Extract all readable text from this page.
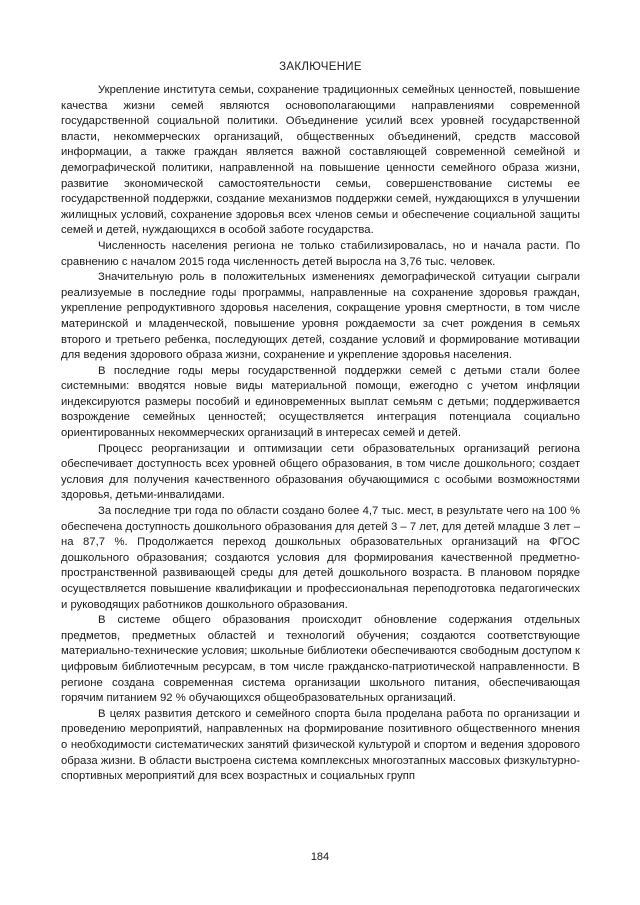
ЗАКЛЮЧЕНИЕ

Укрепление института семьи, сохранение традиционных семейных ценностей, повышение качества жизни семей являются основополагающими направлениями современной государственной социальной политики. Объединение усилий всех уровней государственной власти, некоммерческих организаций, общественных объединений, средств массовой информации, а также граждан является важной составляющей современной семейной и демографической политики, направленной на повышение ценности семейного образа жизни, развитие экономической самостоятельности семьи, совершенствование системы ее государственной поддержки, создание механизмов поддержки семей, нуждающихся в улучшении жилищных условий, сохранение здоровья всех членов семьи и обеспечение социальной защиты семей и детей, нуждающихся в особой заботе государства.

Численность населения региона не только стабилизировалась, но и начала расти. По сравнению с началом 2015 года численность детей выросла на 3,76 тыс. человек.

Значительную роль в положительных изменениях демографической ситуации сыграли реализуемые в последние годы программы, направленные на сохранение здоровья граждан, укрепление репродуктивного здоровья населения, сокращение уровня смертности, в том числе материнской и младенческой, повышение уровня рождаемости за счет рождения в семьях второго и третьего ребенка, последующих детей, создание условий и формирование мотивации для ведения здорового образа жизни, сохранение и укрепление здоровья населения.

В последние годы меры государственной поддержки семей с детьми стали более системными: вводятся новые виды материальной помощи, ежегодно с учетом инфляции индексируются размеры пособий и единовременных выплат семьям с детьми; поддерживается возрождение семейных ценностей; осуществляется интеграция потенциала социально ориентированных некоммерческих организаций в интересах семей и детей.

Процесс реорганизации и оптимизации сети образовательных организаций региона обеспечивает доступность всех уровней общего образования, в том числе дошкольного; создает условия для получения качественного образования обучающимися с особыми возможностями здоровья, детьми-инвалидами.

За последние три года по области создано более 4,7 тыс. мест, в результате чего на 100 % обеспечена доступность дошкольного образования для детей 3 – 7 лет, для детей младше 3 лет – на 87,7 %. Продолжается переход дошкольных образовательных организаций на ФГОС дошкольного образования; создаются условия для формирования качественной предметно-пространственной развивающей среды для детей дошкольного возраста. В плановом порядке осуществляется повышение квалификации и профессиональная переподготовка педагогических и руководящих работников дошкольного образования.

В системе общего образования происходит обновление содержания отдельных предметов, предметных областей и технологий обучения; создаются соответствующие материально-технические условия; школьные библиотеки обеспечиваются свободным доступом к цифровым библиотечным ресурсам, в том числе гражданско-патриотической направленности. В регионе создана современная система организации школьного питания, обеспечивающая горячим питанием 92 % обучающихся общеобразовательных организаций.

В целях развития детского и семейного спорта была проделана работа по организации и проведению мероприятий, направленных на формирование позитивного общественного мнения о необходимости систематических занятий физической культурой и спортом и ведения здорового образа жизни. В области выстроена система комплексных многоэтапных массовых физкультурно-спортивных мероприятий для всех возрастных и социальных групп

184
